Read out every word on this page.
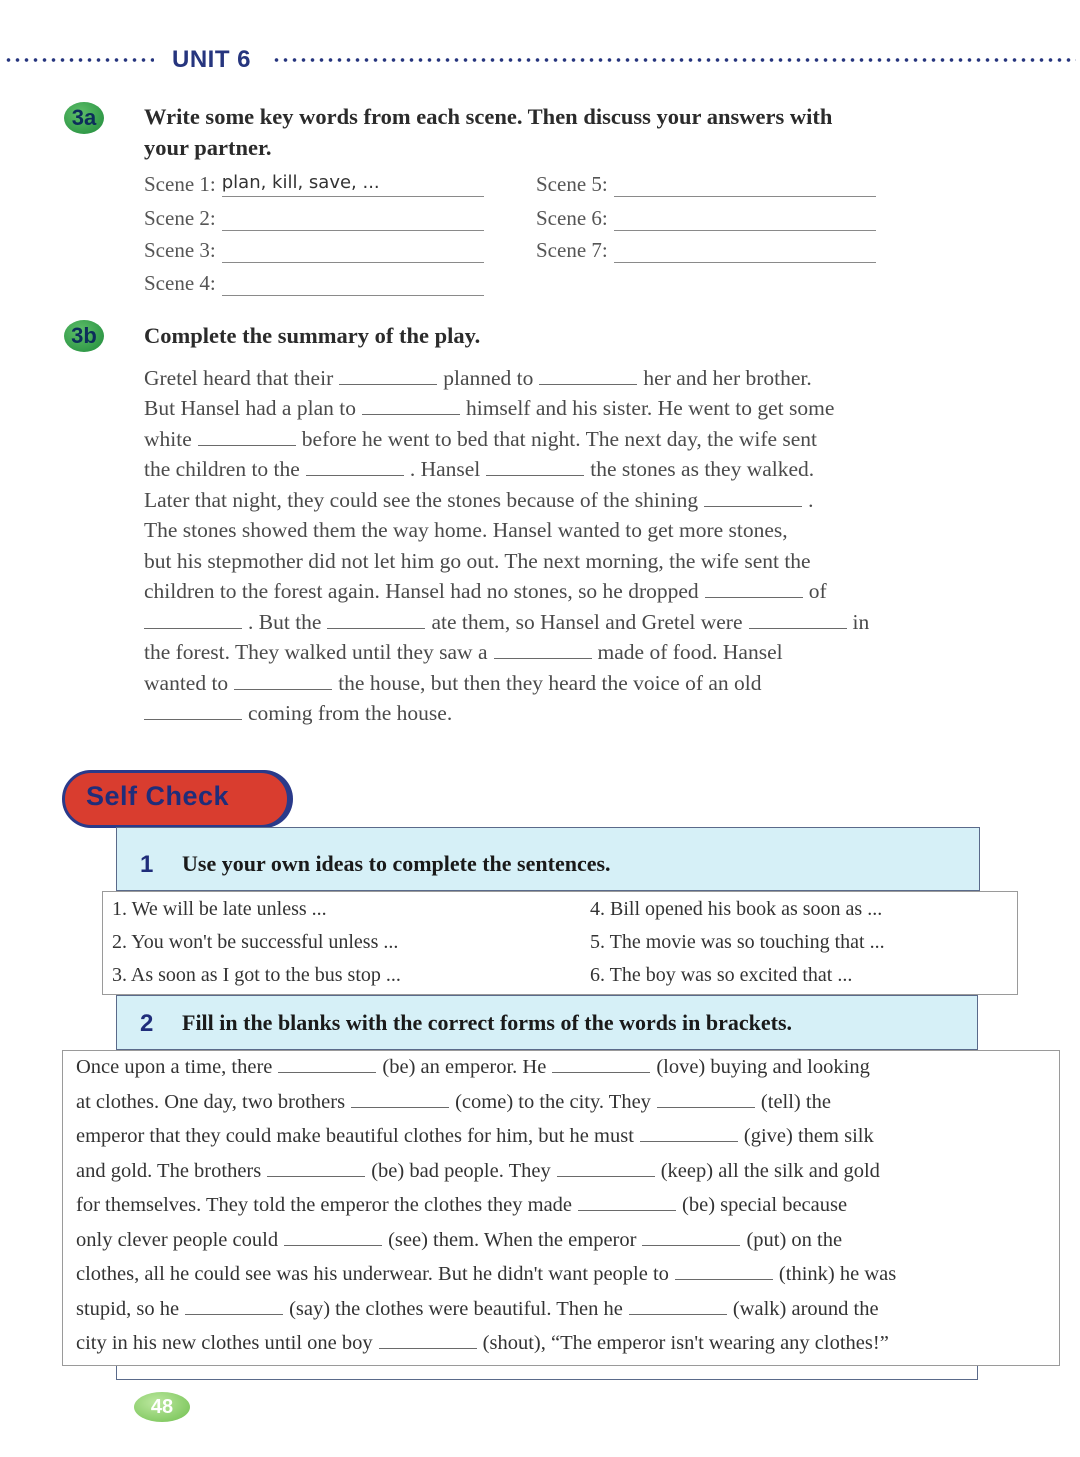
UNIT 6
3a	Write some key words from each scene. Then discuss your answers with
your partner.
Scene 1: plan, kill, save, ...
Scene 2:
Scene 3:
Scene 4:
Scene 5:
Scene 6:
Scene 7:
3b	Complete the summary of the play.
Gretel heard that their	planned to	her and her brother.
But Hansel had a plan to	himself and his sister. He went to get some
white	before he went to bed that night. The next day, the wife sent
the children to the	. Hansel	the stones as they walked.
Later that night, they could see the stones because of the shining	.
The stones showed them the way home. Hansel wanted to get more stones,
but his stepmother did not let him go out. The next morning, the wife sent the
children to the forest again. Hansel had no stones, so he dropped	of
. But the	ate them, so Hansel and Gretel were	in
the forest. They walked until they saw a	made of food. Hansel
wanted to	the house, but then they heard the voice of an old
coming from the house.
Self Check
1 Use your own ideas to complete the sentences.
1. We will be late unless ...
2. You won't be successful unless ...
3. As soon as I got to the bus stop ...
4. Bill opened his book as soon as ...
5. The movie was so touching that ...
6. The boy was so excited that ...
2 Fill in the blanks with the correct forms of the words in brackets.
Once upon a time, there	(be) an emperor. He	(love) buying and looking
at clothes. One day, two brothers	(come) to the city. They	(tell) the
emperor that they could make beautiful clothes for him, but he must	(give) them silk
and gold. The brothers	(be) bad people. They	(keep) all the silk and gold
for themselves. They told the emperor the clothes they made	(be) special because
only clever people could	(see) them. When the emperor	(put) on the
clothes, all he could see was his underwear. But he didn't want people to	(think) he was
stupid, so he	(say) the clothes were beautiful. Then he	(walk) around the
city in his new clothes until one boy	(shout), “The emperor isn't wearing any clothes!”
48
